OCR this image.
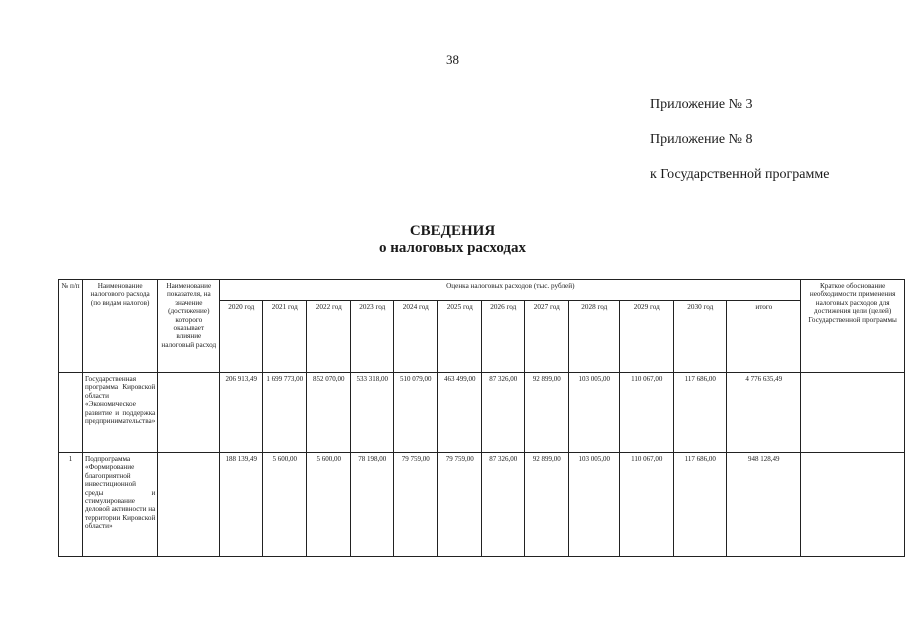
38
Приложение № 3
Приложение № 8
к Государственной программе
СВЕДЕНИЯ
о налоговых расходах
№ п/п	Наименование налогового расхода (по видам налогов)	Наименование показателя, на значение (достижение) которого оказывает влияние налоговый расход	Оценка налоговых расходов (тыс. рублей)												Краткое обоснование необходимости применения налоговых расходов для достижения цели (целей) Государственной программы
			2020 год	2021 год	2022 год	2023 год	2024 год	2025 год	2026 год	2027 год	2028 год	2029 год	2030 год	итого	
	Государственная программа Кировской области «Экономическое развитие и поддержка предпринимательства»		206 913,49	1 699 773,00	852 070,00	533 318,00	510 079,00	463 499,00	87 326,00	92 899,00	103 005,00	110 067,00	117 686,00	4 776 635,49	
1	Подпрограмма «Формирование благоприятной инвестиционной среды и стимулирование деловой активности на территории Кировской области»		188 139,49	5 600,00	5 600,00	78 198,00	79 759,00	79 759,00	87 326,00	92 899,00	103 005,00	110 067,00	117 686,00	948 128,49	
